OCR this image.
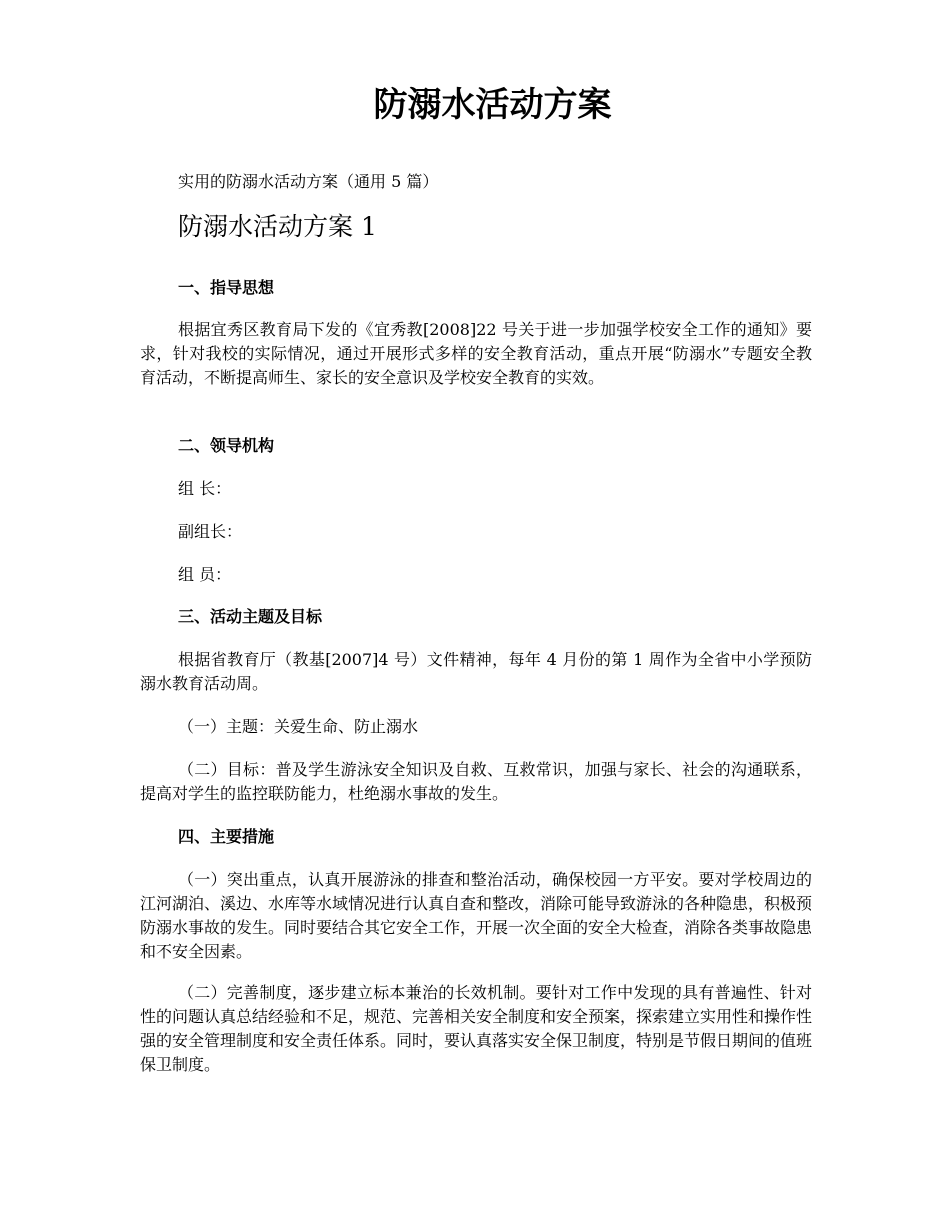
防溺水活动方案

实用的防溺水活动方案（通用 5 篇）

防溺水活动方案 1
一、指导思想

根据宜秀区教育局下发的《宜秀教[2008]22 号关于进一步加强学校安全工作的通知》要求，针对我校的实际情况，通过开展形式多样的安全教育活动，重点开展“防溺水”专题安全教育活动，不断提高师生、家长的安全意识及学校安全教育的实效。

二、领导机构

组 长：

副组长：

组 员：

三、活动主题及目标

根据省教育厅（教基[2007]4 号）文件精神，每年 4 月份的第 1 周作为全省中小学预防溺水教育活动周。

（一）主题：关爱生命、防止溺水

（二）目标：普及学生游泳安全知识及自救、互救常识，加强与家长、社会的沟通联系，提高对学生的监控联防能力，杜绝溺水事故的发生。

四、主要措施

（一）突出重点，认真开展游泳的排查和整治活动，确保校园一方平安。要对学校周边的江河湖泊、溪边、水库等水域情况进行认真自查和整改，消除可能导致游泳的各种隐患，积极预防溺水事故的发生。同时要结合其它安全工作，开展一次全面的安全大检查，消除各类事故隐患和不安全因素。

（二）完善制度，逐步建立标本兼治的长效机制。要针对工作中发现的具有普遍性、针对性的问题认真总结经验和不足，规范、完善相关安全制度和安全预案，探索建立实用性和操作性强的安全管理制度和安全责任体系。同时，要认真落实安全保卫制度，特别是节假日期间的值班保卫制度。
